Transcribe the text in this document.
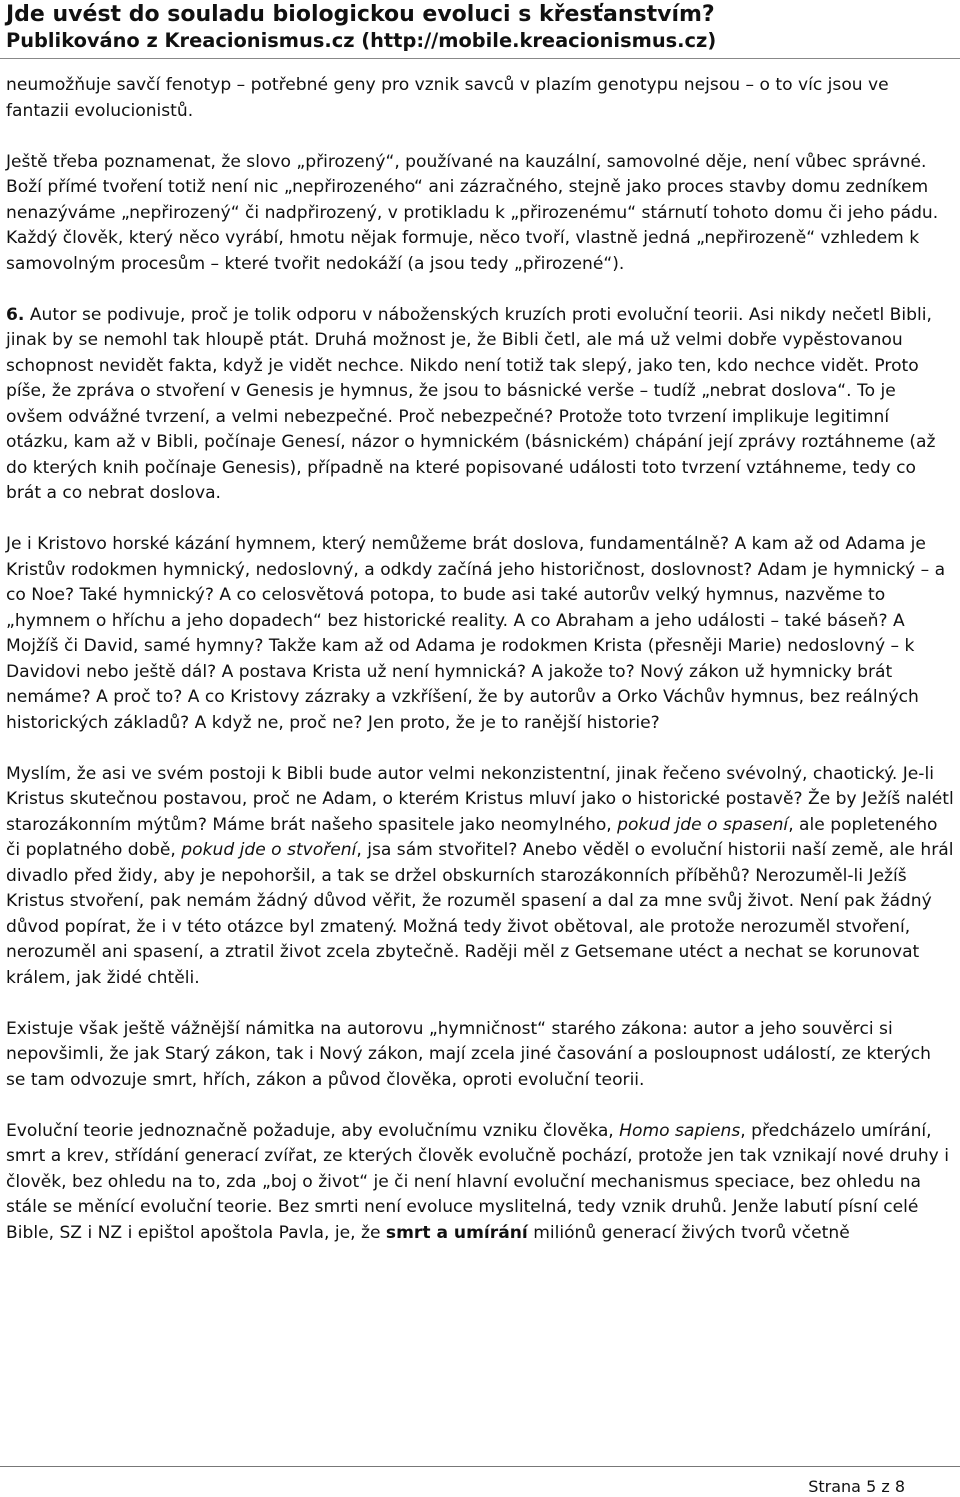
Jde uvést do souladu biologickou evoluci s křesťanstvím?
Publikováno z Kreacionismus.cz (http://mobile.kreacionismus.cz)

neumožňuje savčí fenotyp – potřebné geny pro vznik savců v plazím genotypu nejsou – o to víc jsou ve fantazii evolucionistů.

Ještě třeba poznamenat, že slovo „přirozený“, používané na kauzální, samovolné děje, není vůbec správné. Boží přímé tvoření totiž není nic „nepřirozeného“ ani zázračného, stejně jako proces stavby domu zedníkem nenazýváme „nepřirozený“ či nadpřirozený, v protikladu k „přirozenému“ stárnutí tohoto domu či jeho pádu. Každý člověk, který něco vyrábí, hmotu nějak formuje, něco tvoří, vlastně jedná „nepřirozeně“ vzhledem k samovolným procesům – které tvořit nedokáží (a jsou tedy „přirozené“).

6. Autor se podivuje, proč je tolik odporu v náboženských kruzích proti evoluční teorii. Asi nikdy nečetl Bibli, jinak by se nemohl tak hloupě ptát. Druhá možnost je, že Bibli četl, ale má už velmi dobře vypěstovanou schopnost nevidět fakta, když je vidět nechce. Nikdo není totiž tak slepý, jako ten, kdo nechce vidět. Proto píše, že zpráva o stvoření v Genesis je hymnus, že jsou to básnické verše – tudíž „nebrat doslova“. To je ovšem odvážné tvrzení, a velmi nebezpečné. Proč nebezpečné? Protože toto tvrzení implikuje legitimní otázku, kam až v Bibli, počínaje Genesí, názor o hymnickém (básnickém) chápání její zprávy roztáhneme (až do kterých knih počínaje Genesis), případně na které popisované události toto tvrzení vztáhneme, tedy co brát a co nebrat doslova.

Je i Kristovo horské kázání hymnem, který nemůžeme brát doslova, fundamentálně? A kam až od Adama je Kristův rodokmen hymnický, nedoslovný, a odkdy začíná jeho historičnost, doslovnost? Adam je hymnický – a co Noe? Také hymnický? A co celosvětová potopa, to bude asi také autorův velký hymnus, nazvěme to „hymnem o hříchu a jeho dopadech“ bez historické reality. A co Abraham a jeho události – také báseň? A Mojžíš či David, samé hymny? Takže kam až od Adama je rodokmen Krista (přesněji Marie) nedoslovný – k Davidovi nebo ještě dál? A postava Krista už není hymnická? A jakože to? Nový zákon už hymnicky brát nemáme? A proč to? A co Kristovy zázraky a vzkříšení, že by autorův a Orko Váchův hymnus, bez reálných historických základů? A když ne, proč ne? Jen proto, že je to ranější historie?

Myslím, že asi ve svém postoji k Bibli bude autor velmi nekonzistentní, jinak řečeno svévolný, chaotický. Je-li Kristus skutečnou postavou, proč ne Adam, o kterém Kristus mluví jako o historické postavě? Že by Ježíš nalétl starozákonním mýtům? Máme brát našeho spasitele jako neomylného, pokud jde o spasení, ale popleteného či poplatného době, pokud jde o stvoření, jsa sám stvořitel? Anebo věděl o evoluční historii naší země, ale hrál divadlo před židy, aby je nepohoršil, a tak se držel obskurních starozákonních příběhů? Nerozuměl-li Ježíš Kristus stvoření, pak nemám žádný důvod věřit, že rozuměl spasení a dal za mne svůj život. Není pak žádný důvod popírat, že i v této otázce byl zmatený. Možná tedy život obětoval, ale protože nerozuměl stvoření, nerozuměl ani spasení, a ztratil život zcela zbytečně. Raději měl z Getsemane utéct a nechat se korunovat králem, jak židé chtěli.

Existuje však ještě vážnější námitka na autorovu „hymničnost“ starého zákona: autor a jeho souvěrci si nepovšimli, že jak Starý zákon, tak i Nový zákon, mají zcela jiné časování a posloupnost událostí, ze kterých se tam odvozuje smrt, hřích, zákon a původ člověka, oproti evoluční teorii.

Evoluční teorie jednoznačně požaduje, aby evolučnímu vzniku člověka, Homo sapiens, předcházelo umírání, smrt a krev, střídání generací zvířat, ze kterých člověk evolučně pochází, protože jen tak vznikají nové druhy i člověk, bez ohledu na to, zda „boj o život“ je či není hlavní evoluční mechanismus speciace, bez ohledu na stále se měnící evoluční teorie. Bez smrti není evoluce myslitelná, tedy vznik druhů. Jenže labutí písní celé Bible, SZ i NZ i epištol apoštola Pavla, je, že smrt a umírání miliónů generací živých tvorů včetně

Strana 5 z 8
